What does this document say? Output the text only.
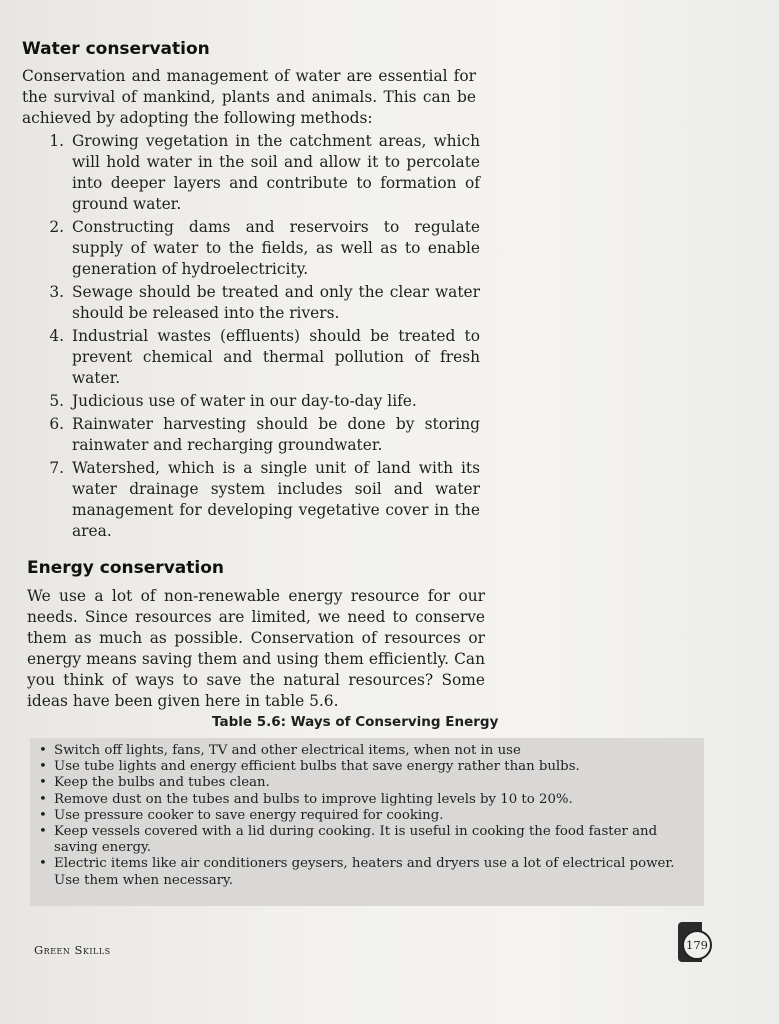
Water conservation
Conservation and management of water are essential for the survival of mankind, plants and animals. This can be achieved by adopting the following methods:
1. Growing vegetation in the catchment areas, which will hold water in the soil and allow it to percolate into deeper layers and contribute to formation of ground water.
2. Constructing dams and reservoirs to regulate supply of water to the fields, as well as to enable generation of hydroelectricity.
3. Sewage should be treated and only the clear water should be released into the rivers.
4. Industrial wastes (effluents) should be treated to prevent chemical and thermal pollution of fresh water.
5. Judicious use of water in our day-to-day life.
6. Rainwater harvesting should be done by storing rainwater and recharging groundwater.
7. Watershed, which is a single unit of land with its water drainage system includes soil and water management for developing vegetative cover in the area.
Energy conservation
We use a lot of non-renewable energy resource for our needs. Since resources are limited, we need to conserve them as much as possible. Conservation of resources or energy means saving them and using them efficiently. Can you think of ways to save the natural resources? Some ideas have been given here in table 5.6.
Table 5.6: Ways of Conserving Energy
• Switch off lights, fans, TV and other electrical items, when not in use
• Use tube lights and energy efficient bulbs that save energy rather than bulbs.
• Keep the bulbs and tubes clean.
• Remove dust on the tubes and bulbs to improve lighting levels by 10 to 20%.
• Use pressure cooker to save energy required for cooking.
• Keep vessels covered with a lid during cooking. It is useful in cooking the food faster and saving energy.
• Electric items like air conditioners geysers, heaters and dryers use a lot of electrical power. Use them when necessary.
Green Skills	179
